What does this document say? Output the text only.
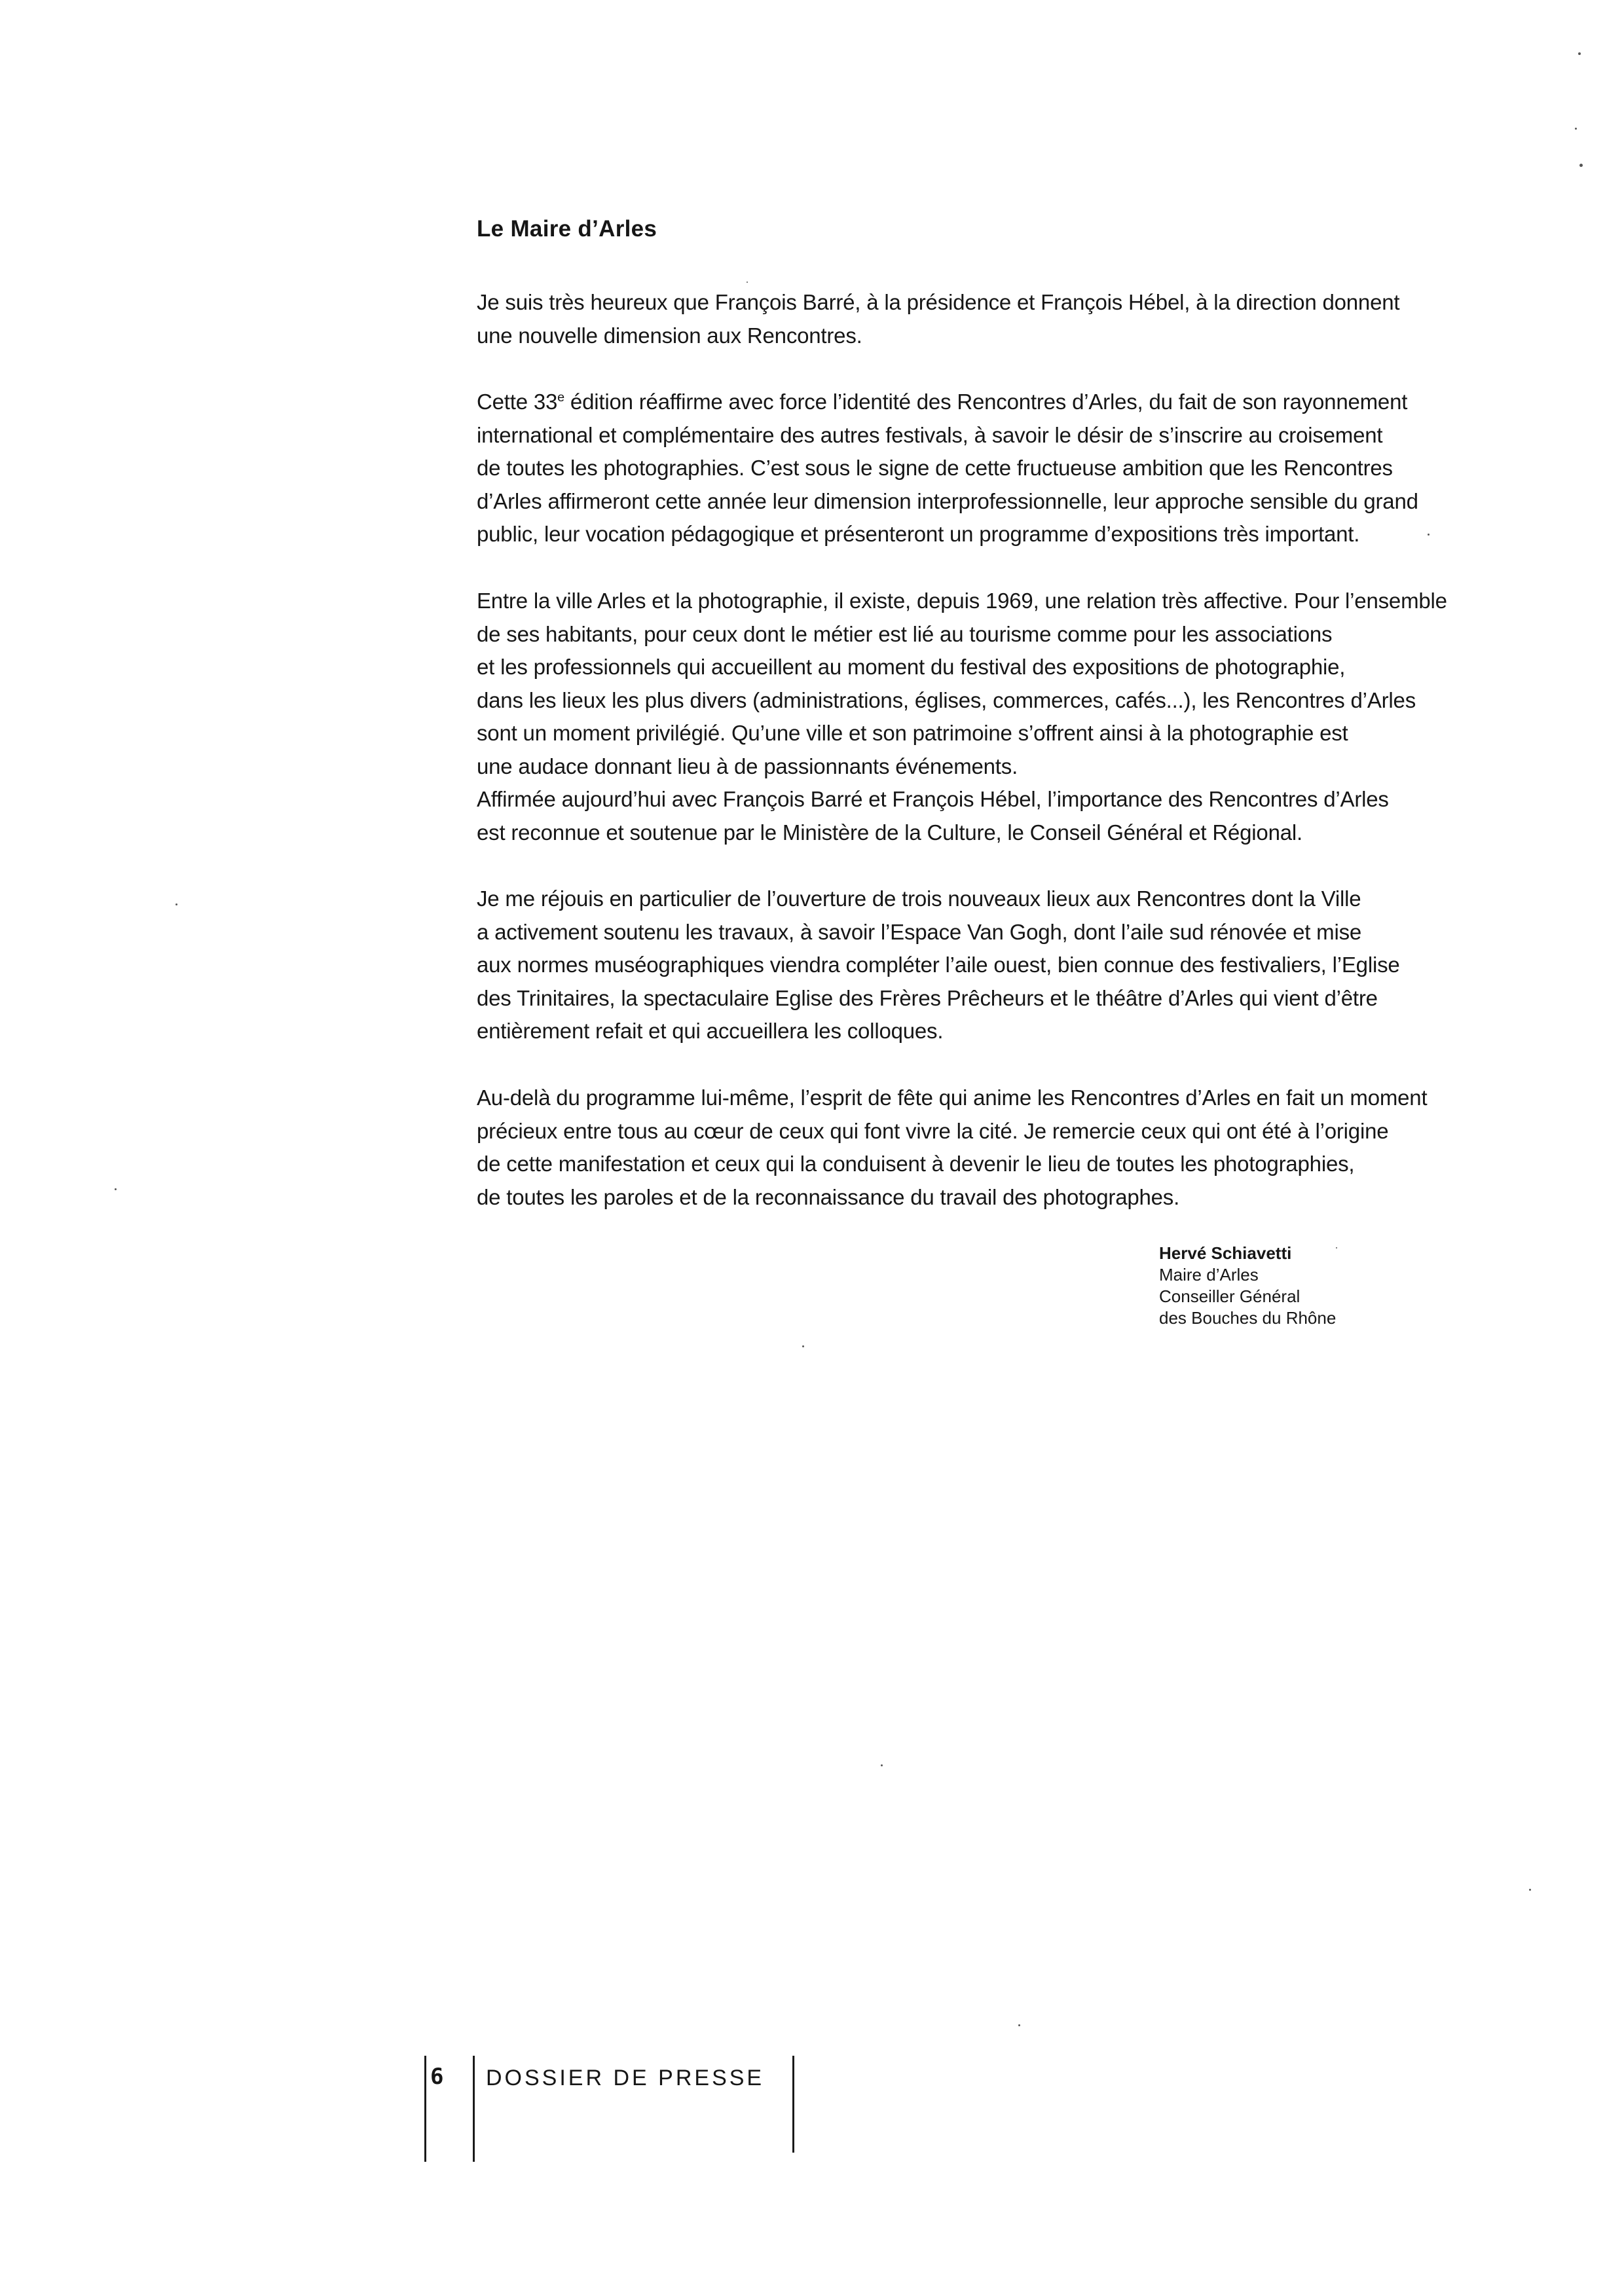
Le Maire d’Arles

Je suis très heureux que François Barré, à la présidence et François Hébel, à la direction donnent
une nouvelle dimension aux Rencontres.

Cette 33e édition réaffirme avec force l’identité des Rencontres d’Arles, du fait de son rayonnement
international et complémentaire des autres festivals, à savoir le désir de s’inscrire au croisement
de toutes les photographies. C’est sous le signe de cette fructueuse ambition que les Rencontres
d’Arles affirmeront cette année leur dimension interprofessionnelle, leur approche sensible du grand
public, leur vocation pédagogique et présenteront un programme d’expositions très important.

Entre la ville Arles et la photographie, il existe, depuis 1969, une relation très affective. Pour l’ensemble
de ses habitants, pour ceux dont le métier est lié au tourisme comme pour les associations
et les professionnels qui accueillent au moment du festival des expositions de photographie,
dans les lieux les plus divers (administrations, églises, commerces, cafés...), les Rencontres d’Arles
sont un moment privilégié. Qu’une ville et son patrimoine s’offrent ainsi à la photographie est
une audace donnant lieu à de passionnants événements.
Affirmée aujourd’hui avec François Barré et François Hébel, l’importance des Rencontres d’Arles
est reconnue et soutenue par le Ministère de la Culture, le Conseil Général et Régional.

Je me réjouis en particulier de l’ouverture de trois nouveaux lieux aux Rencontres dont la Ville
a activement soutenu les travaux, à savoir l’Espace Van Gogh, dont l’aile sud rénovée et mise
aux normes muséographiques viendra compléter l’aile ouest, bien connue des festivaliers, l’Eglise
des Trinitaires, la spectaculaire Eglise des Frères Prêcheurs et le théâtre d’Arles qui vient d’être
entièrement refait et qui accueillera les colloques.

Au-delà du programme lui-même, l’esprit de fête qui anime les Rencontres d’Arles en fait un moment
précieux entre tous au cœur de ceux qui font vivre la cité. Je remercie ceux qui ont été à l’origine
de cette manifestation et ceux qui la conduisent à devenir le lieu de toutes les photographies,
de toutes les paroles et de la reconnaissance du travail des photographes.

Hervé Schiavetti
Maire d’Arles
Conseiller Général
des Bouches du Rhône
6 DOSSIER DE PRESSE
